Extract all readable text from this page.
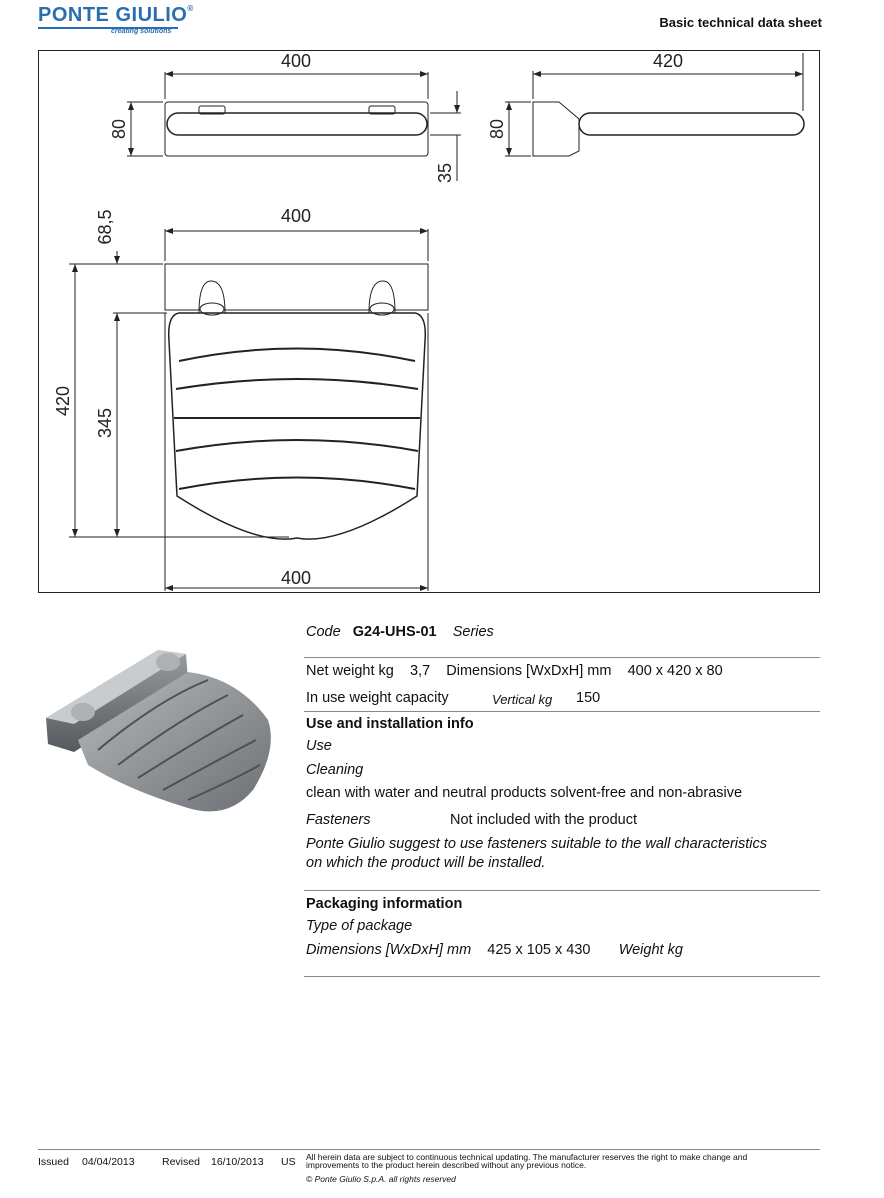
PONTE GIULIO®
creating solutions
Basic technical data sheet
400
80
35
420
80
400
68,5
420
345
400
Code G24-UHS-01 Series
Net weight kg 3,7 Dimensions [WxDxH] mm 400 x 420 x 80
In use weight capacity	Vertical kg 150
Use and installation info
Use
Cleaning
clean with water and neutral products solvent-free and non-abrasive
Fasteners	Not included with the product
Ponte Giulio suggest to use fasteners suitable to the wall characteristics
on which the product will be installed.
Packaging information
Type of package
Dimensions [WxDxH] mm 425 x 105 x 430 Weight kg
Issued 04/04/2013	Revised 16/10/2013 US All herein data are subject to continuous technical updating. The manufacturer reserves the right to make change and
improvements to the product herein described without any previous notice.
© Ponte Giulio S.p.A. all rights reserved
